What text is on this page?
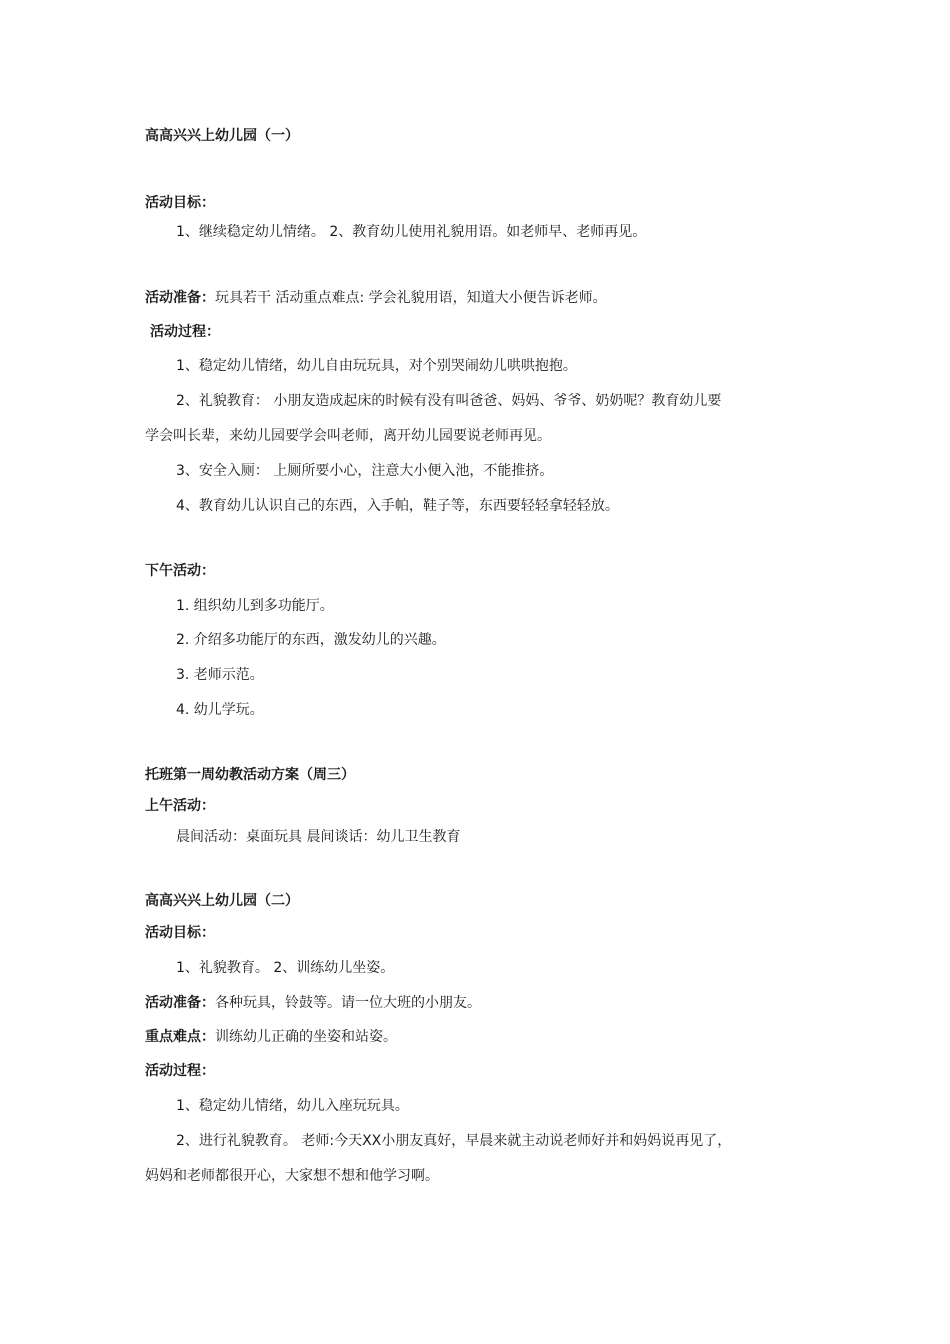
高高兴兴上幼儿园（一）
活动目标：
1、继续稳定幼儿情绪。 2、教育幼儿使用礼貌用语。如老师早、老师再见。
活动准备：玩具若干 活动重点难点: 学会礼貌用语，知道大小便告诉老师。
活动过程：
1、稳定幼儿情绪，幼儿自由玩玩具，对个别哭闹幼儿哄哄抱抱。
2、礼貌教育： 小朋友造成起床的时候有没有叫爸爸、妈妈、爷爷、奶奶呢？教育幼儿要
学会叫长辈，来幼儿园要学会叫老师，离开幼儿园要说老师再见。
3、安全入厕： 上厕所要小心，注意大小便入池，不能推挤。
4、教育幼儿认识自己的东西，入手帕，鞋子等，东西要轻轻拿轻轻放。
下午活动：
1. 组织幼儿到多功能厅。
2. 介绍多功能厅的东西，激发幼儿的兴趣。
3. 老师示范。
4. 幼儿学玩。
托班第一周幼教活动方案（周三）
上午活动：
晨间活动：桌面玩具 晨间谈话：幼儿卫生教育
高高兴兴上幼儿园（二）
活动目标：
1、礼貌教育。 2、训练幼儿坐姿。
活动准备：各种玩具，铃鼓等。请一位大班的小朋友。
重点难点：训练幼儿正确的坐姿和站姿。
活动过程：
1、稳定幼儿情绪，幼儿入座玩玩具。
2、进行礼貌教育。 老师:今天XX小朋友真好，早晨来就主动说老师好并和妈妈说再见了，
妈妈和老师都很开心，大家想不想和他学习啊。
